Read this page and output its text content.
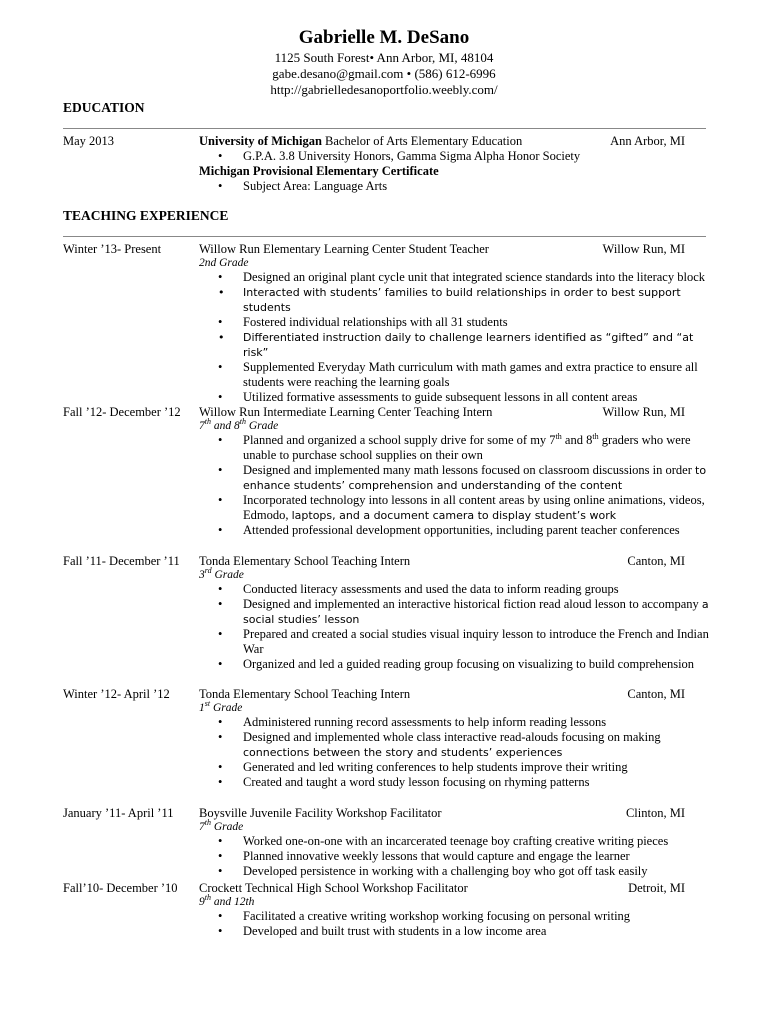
Gabrielle M. DeSano
1125 South Forest• Ann Arbor, MI, 48104
gabe.desano@gmail.com • (586) 612-6996
http://gabrielledesanoportfolio.weebly.com/
EDUCATION
May 2013	University of Michigan Bachelor of Arts Elementary Education	Ann Arbor, MI
• G.P.A. 3.8 University Honors, Gamma Sigma Alpha Honor Society
Michigan Provisional Elementary Certificate
• Subject Area: Language Arts
TEACHING EXPERIENCE
Winter ’13- Present	Willow Run Elementary Learning Center Student Teacher	Willow Run, MI
2nd Grade
• Designed an original plant cycle unit that integrated science standards into the literacy block
• Interacted with students’ families to build relationships in order to best support students
• Fostered individual relationships with all 31 students
• Differentiated instruction daily to challenge learners identified as “gifted” and “at risk”
• Supplemented Everyday Math curriculum with math games and extra practice to ensure all students were reaching the learning goals
• Utilized formative assessments to guide subsequent lessons in all content areas
Fall ’12- December ’12	Willow Run Intermediate Learning Center Teaching Intern	Willow Run, MI
7th and 8th Grade
• Planned and organized a school supply drive for some of my 7th and 8th graders who were unable to purchase school supplies on their own
• Designed and implemented many math lessons focused on classroom discussions in order to enhance students’ comprehension and understanding of the content
• Incorporated technology into lessons in all content areas by using online animations, videos, Edmodo, laptops, and a document camera to display student’s work
• Attended professional development opportunities, including parent teacher conferences
Fall ’11- December ’11	Tonda Elementary School Teaching Intern	Canton, MI
3rd Grade
• Conducted literacy assessments and used the data to inform reading groups
• Designed and implemented an interactive historical fiction read aloud lesson to accompany a social studies’ lesson
• Prepared and created a social studies visual inquiry lesson to introduce the French and Indian War
• Organized and led a guided reading group focusing on visualizing to build comprehension
Winter ’12- April ’12	Tonda Elementary School Teaching Intern	Canton, MI
1st Grade
• Administered running record assessments to help inform reading lessons
• Designed and implemented whole class interactive read-alouds focusing on making connections between the story and students’ experiences
• Generated and led writing conferences to help students improve their writing
• Created and taught a word study lesson focusing on rhyming patterns
January ’11- April ’11	Boysville Juvenile Facility Workshop Facilitator	Clinton, MI
7th Grade
• Worked one-on-one with an incarcerated teenage boy crafting creative writing pieces
• Planned innovative weekly lessons that would capture and engage the learner
• Developed persistence in working with a challenging boy who got off task easily
Fall’10- December ’10	Crockett Technical High School Workshop Facilitator	Detroit, MI
9th and 12th
• Facilitated a creative writing workshop working focusing on personal writing
• Developed and built trust with students in a low income area
